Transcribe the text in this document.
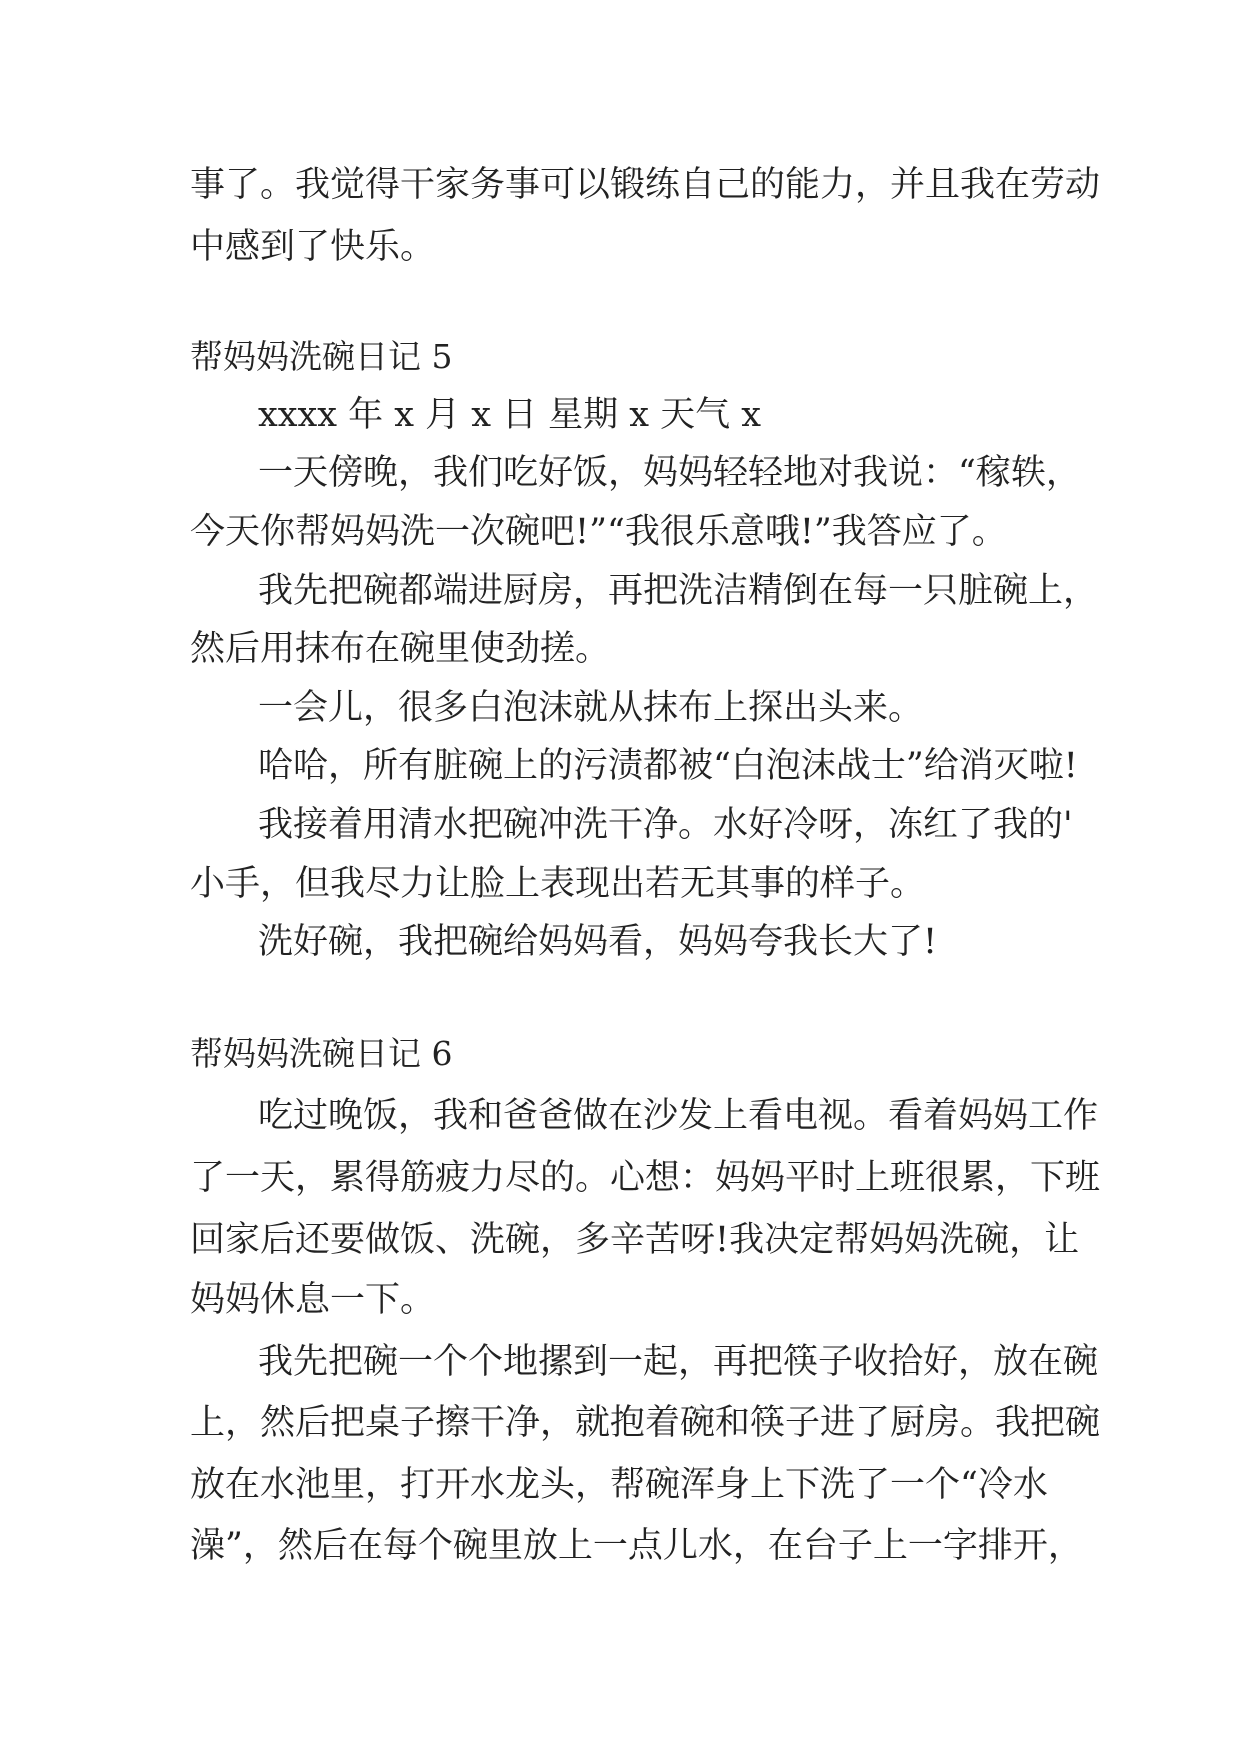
事了。我觉得干家务事可以锻练自己的能力，并且我在劳动
中感到了快乐。
帮妈妈洗碗日记 5
xxxx 年 x 月 x 日 星期 x 天气 x
一天傍晚，我们吃好饭，妈妈轻轻地对我说：“稼轶，
今天你帮妈妈洗一次碗吧!”“我很乐意哦!”我答应了。
我先把碗都端进厨房，再把洗洁精倒在每一只脏碗上，
然后用抹布在碗里使劲搓。
一会儿，很多白泡沫就从抹布上探出头来。
哈哈，所有脏碗上的污渍都被“白泡沫战士”给消灭啦!
我接着用清水把碗冲洗干净。水好冷呀，冻红了我的'
小手，但我尽力让脸上表现出若无其事的样子。
洗好碗，我把碗给妈妈看，妈妈夸我长大了!
帮妈妈洗碗日记 6
吃过晚饭，我和爸爸做在沙发上看电视。看着妈妈工作
了一天，累得筋疲力尽的。心想：妈妈平时上班很累，下班
回家后还要做饭、洗碗，多辛苦呀!我决定帮妈妈洗碗，让
妈妈休息一下。
我先把碗一个个地摞到一起，再把筷子收拾好，放在碗
上，然后把桌子擦干净，就抱着碗和筷子进了厨房。我把碗
放在水池里，打开水龙头，帮碗浑身上下洗了一个“冷水
澡”，然后在每个碗里放上一点儿水，在台子上一字排开，
